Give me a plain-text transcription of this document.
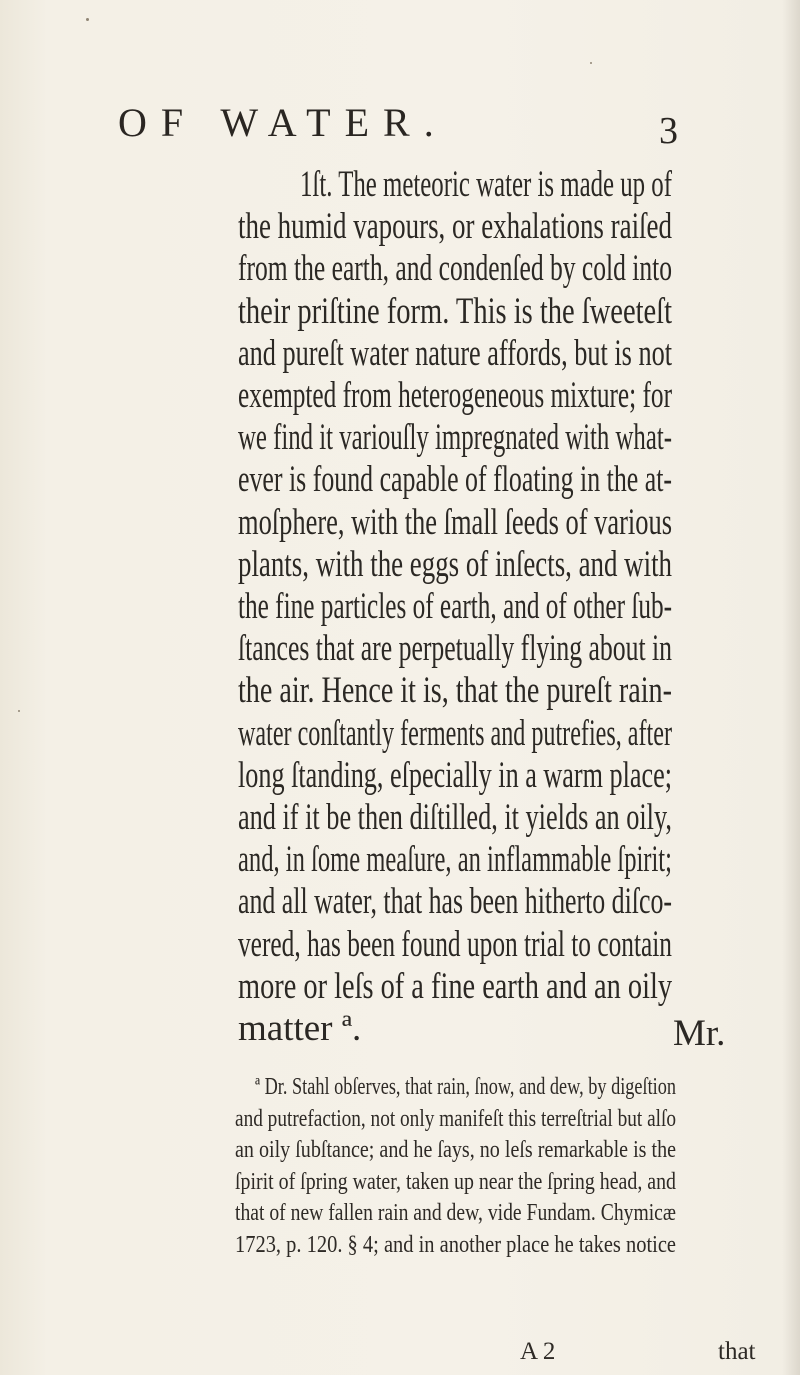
OF WATER.	3
1ſt. The meteoric water is made up of
the humid vapours, or exhalations raiſed
from the earth, and condenſed by cold into
their priſtine form. This is the ſweeteſt
and pureſt water nature affords, but is not
exempted from heterogeneous mixture; for
we find it variouſly impregnated with what-
ever is found capable of floating in the at-
moſphere, with the ſmall ſeeds of various
plants, with the eggs of inſects, and with
the fine particles of earth, and of other ſub-
ſtances that are perpetually flying about in
the air. Hence it is, that the pureſt rain-
water conſtantly ferments and putrefies, after
long ſtanding, eſpecially in a warm place;
and if it be then diſtilled, it yields an oily,
and, in ſome meaſure, an inflammable ſpirit;
and all water, that has been hitherto diſco-
vered, has been found upon trial to contain
more or leſs of a fine earth and an oily
matter ª.	Mr.
ª Dr. Stahl obſerves, that rain, ſnow, and dew, by digeſtion
and putrefaction, not only manifeſt this terreſtrial but alſo
an oily ſubſtance; and he ſays, no leſs remarkable is the
ſpirit of ſpring water, taken up near the ſpring head, and
that of new fallen rain and dew, vide Fundam. Chymicæ
1723, p. 120. § 4; and in another place he takes notice
A 2	that
